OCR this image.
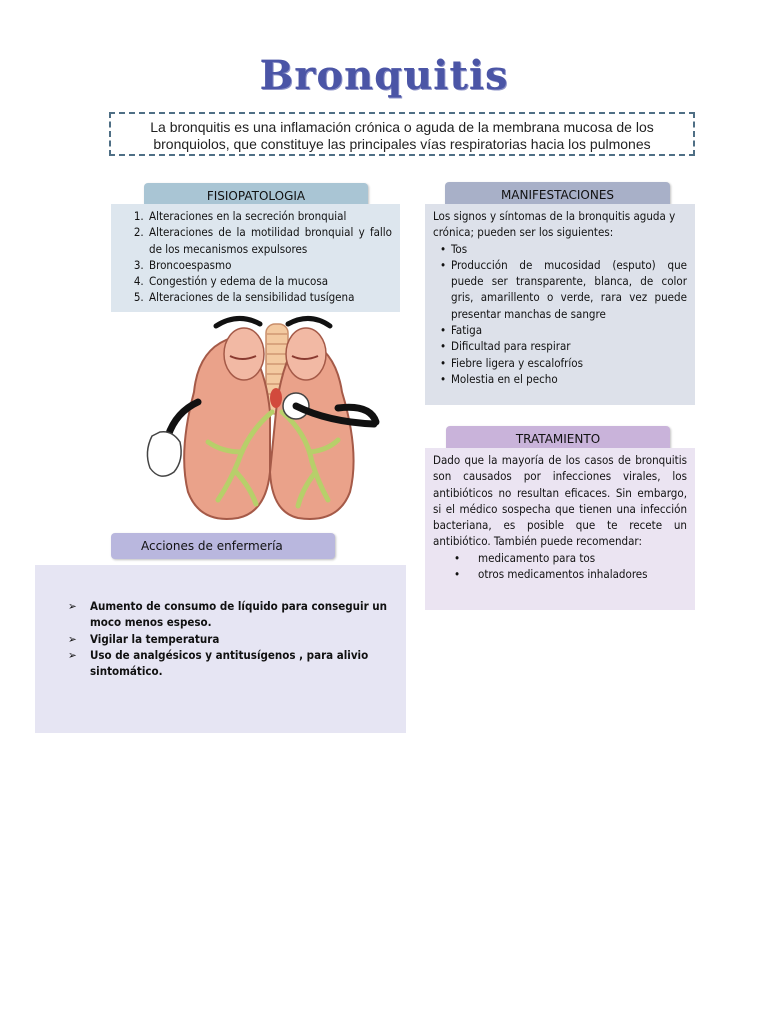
Bronquitis
La bronquitis es una inflamación crónica o aguda de la membrana mucosa de los bronquiolos, que constituye las principales vías respiratorias hacia los pulmones
FISIOPATOLOGIA
1. Alteraciones en la secreción bronquial
2. Alteraciones de la motilidad bronquial y fallo de los mecanismos expulsores
3. Broncoespasmo
4. Congestión y edema de la mucosa
5. Alteraciones de la sensibilidad tusígena
MANIFESTACIONES
Los signos y síntomas de la bronquitis aguda y crónica; pueden ser los siguientes:
• Tos
• Producción de mucosidad (esputo) que puede ser transparente, blanca, de color gris, amarillento o verde, rara vez puede presentar manchas de sangre
• Fatiga
• Dificultad para respirar
• Fiebre ligera y escalofríos
• Molestia en el pecho
TRATAMIENTO
Dado que la mayoría de los casos de bronquitis son causados por infecciones virales, los antibióticos no resultan eficaces. Sin embargo, si el médico sospecha que tienen una infección bacteriana, es posible que te recete un antibiótico. También puede recomendar:
• medicamento para tos
• otros medicamentos inhaladores
Acciones de enfermería
➢ Aumento de consumo de líquido para conseguir un moco menos espeso.
➢ Vigilar la temperatura
➢ Uso de analgésicos y antitusígenos , para alivio sintomático.
